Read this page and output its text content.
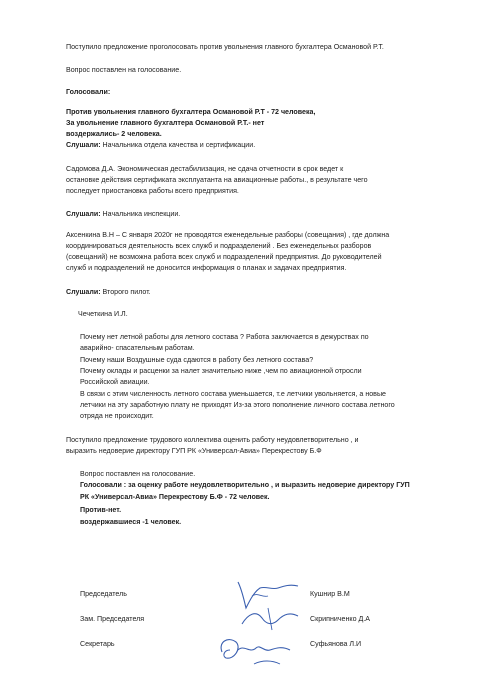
Поступило предложение проголосовать против увольнения главного бухгалтера Османовой Р.Т.
Вопрос поставлен на голосование.
Голосовали:
Против увольнения главного бухгалтера Османовой Р.Т - 72 человека,
За увольнение главного бухгалтера Османовой Р.Т.- нет
воздержались- 2 человека.
Слушали: Начальника отдела качества и сертификации.
Садомова Д.А. Экономическая дестабилизация, не сдача отчетности в срок ведет к
остановке действия сертификата эксплуатанта на авиационные работы., в результате чего
последует приостановка работы всего предприятия.
Слушали: Начальника инспекции.
Аксенкина В.Н – С января 2020г не проводятся еженедельные разборы (совещания) , где должна
координироваться деятельность всех служб и подразделений . Без еженедельных разборов
(совещаний) не возможна работа всех служб и подразделений предприятия. До руководителей
служб и подразделений не доносится информация о планах и задачах предприятия.
Слушали: Второго пилот.
Чечеткина И.Л.
Почему нет летной работы для летного состава ? Работа заключается в дежурствах по
аварийно- спасательным работам.
Почему наши Воздушные суда сдаются в работу без летного состава?
Почему оклады и расценки за налет значительно ниже ,чем по авиационной отросли
Российской авиации.
В связи с этим численность летного состава уменьшается, т.е летчики увольняется, а новые
летчики на эту заработную плату не приходят Из-за этого пополнение личного состава летного
отряда не происходит.
Поступило предложение трудового коллектива оценить работу неудовлетворительно , и
выразить недоверие директору ГУП РК «Универсал-Авиа» Перекрестову Б.Ф
Вопрос поставлен на голосование.
Голосовали : за оценку работе неудовлетворительно , и выразить недоверие директору ГУП
РК «Универсал-Авиа» Перекрестову Б.Ф - 72 человек.
Против-нет.
воздержавшиеся -1 человек.
Председатель	Кушнир В.М
Зам. Председателя	Скрипниченко Д.А
Секретарь	Суфьянова Л.И
